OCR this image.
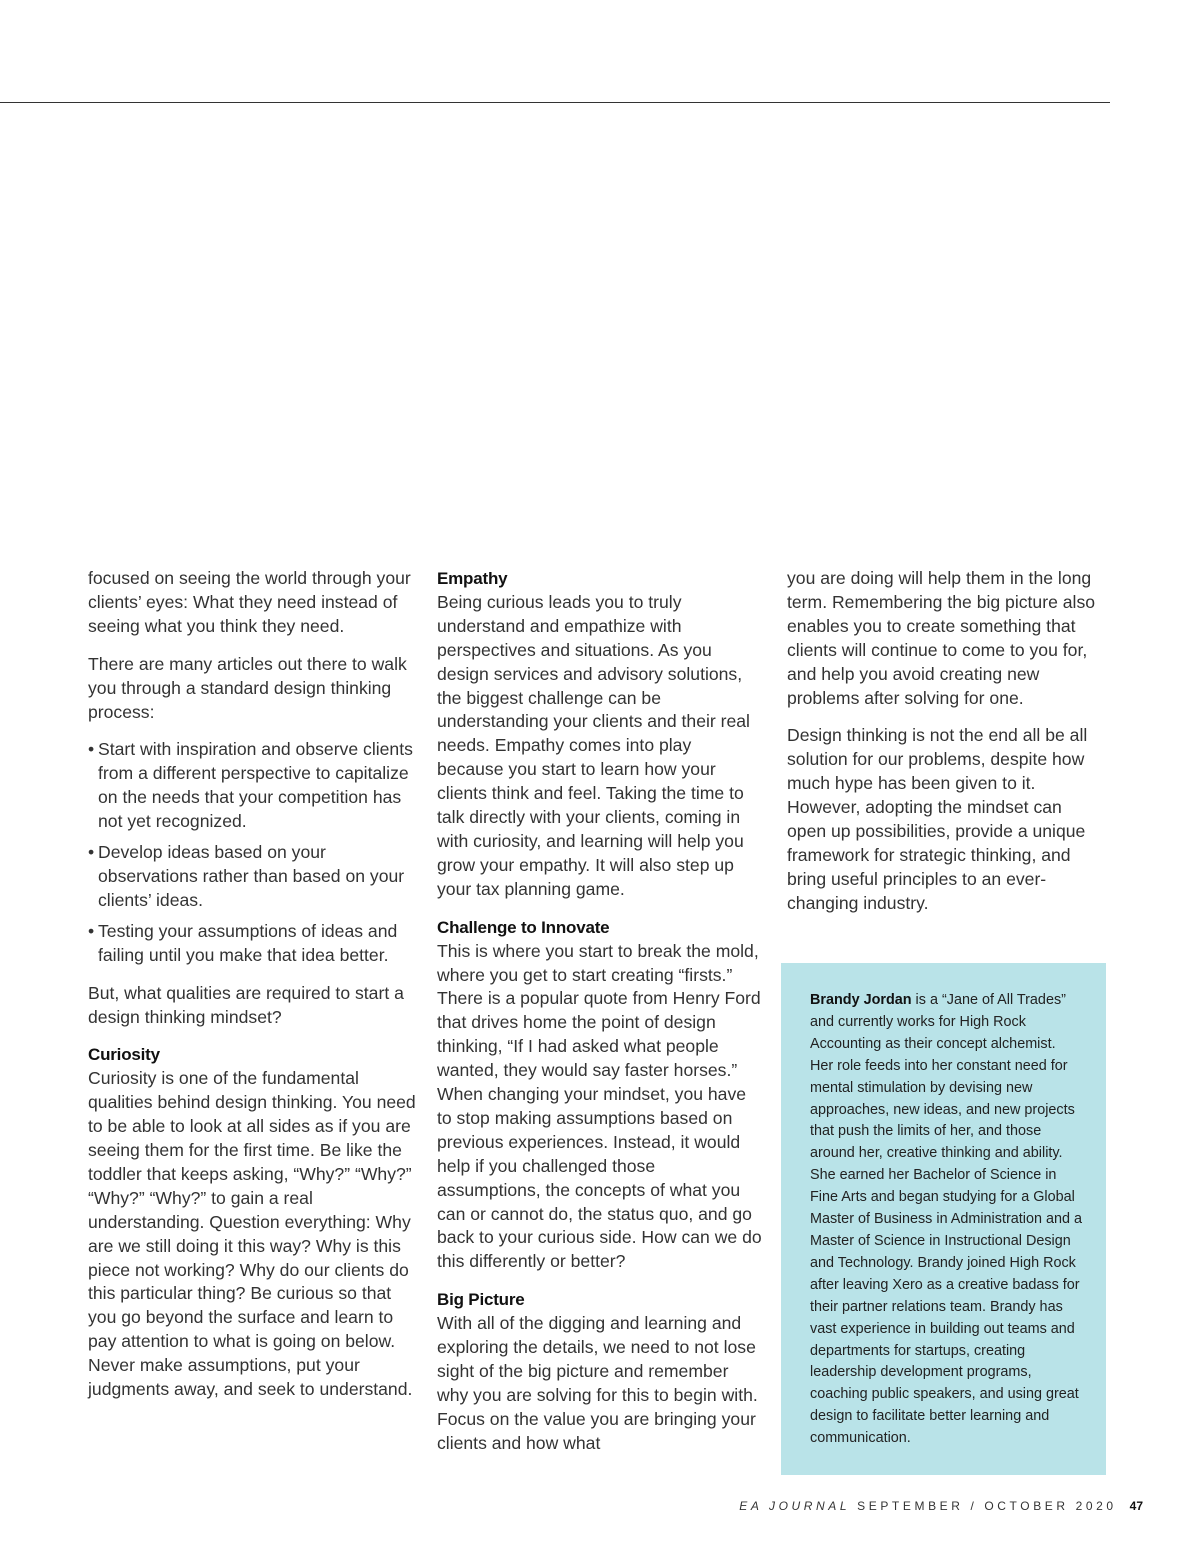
focused on seeing the world through your clients’ eyes: What they need instead of seeing what you think they need.

There are many articles out there to walk you through a standard design thinking process:

• Start with inspiration and observe clients from a different perspective to capitalize on the needs that your competition has not yet recognized.
• Develop ideas based on your observations rather than based on your clients’ ideas.
• Testing your assumptions of ideas and failing until you make that idea better.

But, what qualities are required to start a design thinking mindset?

Curiosity

Curiosity is one of the fundamental qualities behind design thinking. You need to be able to look at all sides as if you are seeing them for the first time. Be like the toddler that keeps asking, “Why?” “Why?” “Why?” “Why?” to gain a real understanding. Question everything: Why are we still doing it this way? Why is this piece not working? Why do our clients do this particular thing? Be curious so that you go beyond the surface and learn to pay attention to what is going on below. Never make assumptions, put your judgments away, and seek to understand.

Empathy

Being curious leads you to truly understand and empathize with perspectives and situations. As you design services and advisory solutions, the biggest challenge can be understanding your clients and their real needs. Empathy comes into play because you start to learn how your clients think and feel. Taking the time to talk directly with your clients, coming in with curiosity, and learning will help you grow your empathy. It will also step up your tax planning game.

Challenge to Innovate

This is where you start to break the mold, where you get to start creating “firsts.” There is a popular quote from Henry Ford that drives home the point of design thinking, “If I had asked what people wanted, they would say faster horses.” When changing your mindset, you have to stop making assumptions based on previous experiences. Instead, it would help if you challenged those assumptions, the concepts of what you can or cannot do, the status quo, and go back to your curious side. How can we do this differently or better?

Big Picture

With all of the digging and learning and exploring the details, we need to not lose sight of the big picture and remember why you are solving for this to begin with. Focus on the value you are bringing your clients and how what

you are doing will help them in the long term. Remembering the big picture also enables you to create something that clients will continue to come to you for, and help you avoid creating new problems after solving for one.

Design thinking is not the end all be all solution for our problems, despite how much hype has been given to it. However, adopting the mindset can open up possibilities, provide a unique framework for strategic thinking, and bring useful principles to an ever-changing industry.

Brandy Jordan is a “Jane of All Trades” and currently works for High Rock Accounting as their concept alchemist. Her role feeds into her constant need for mental stimulation by devising new approaches, new ideas, and new projects that push the limits of her, and those around her, creative thinking and ability. She earned her Bachelor of Science in Fine Arts and began studying for a Global Master of Business in Administration and a Master of Science in Instructional Design and Technology. Brandy joined High Rock after leaving Xero as a creative badass for their partner relations team. Brandy has vast experience in building out teams and departments for startups, creating leadership development programs, coaching public speakers, and using great design to facilitate better learning and communication.
EA JOURNAL SEPTEMBER / OCTOBER 2020 47
